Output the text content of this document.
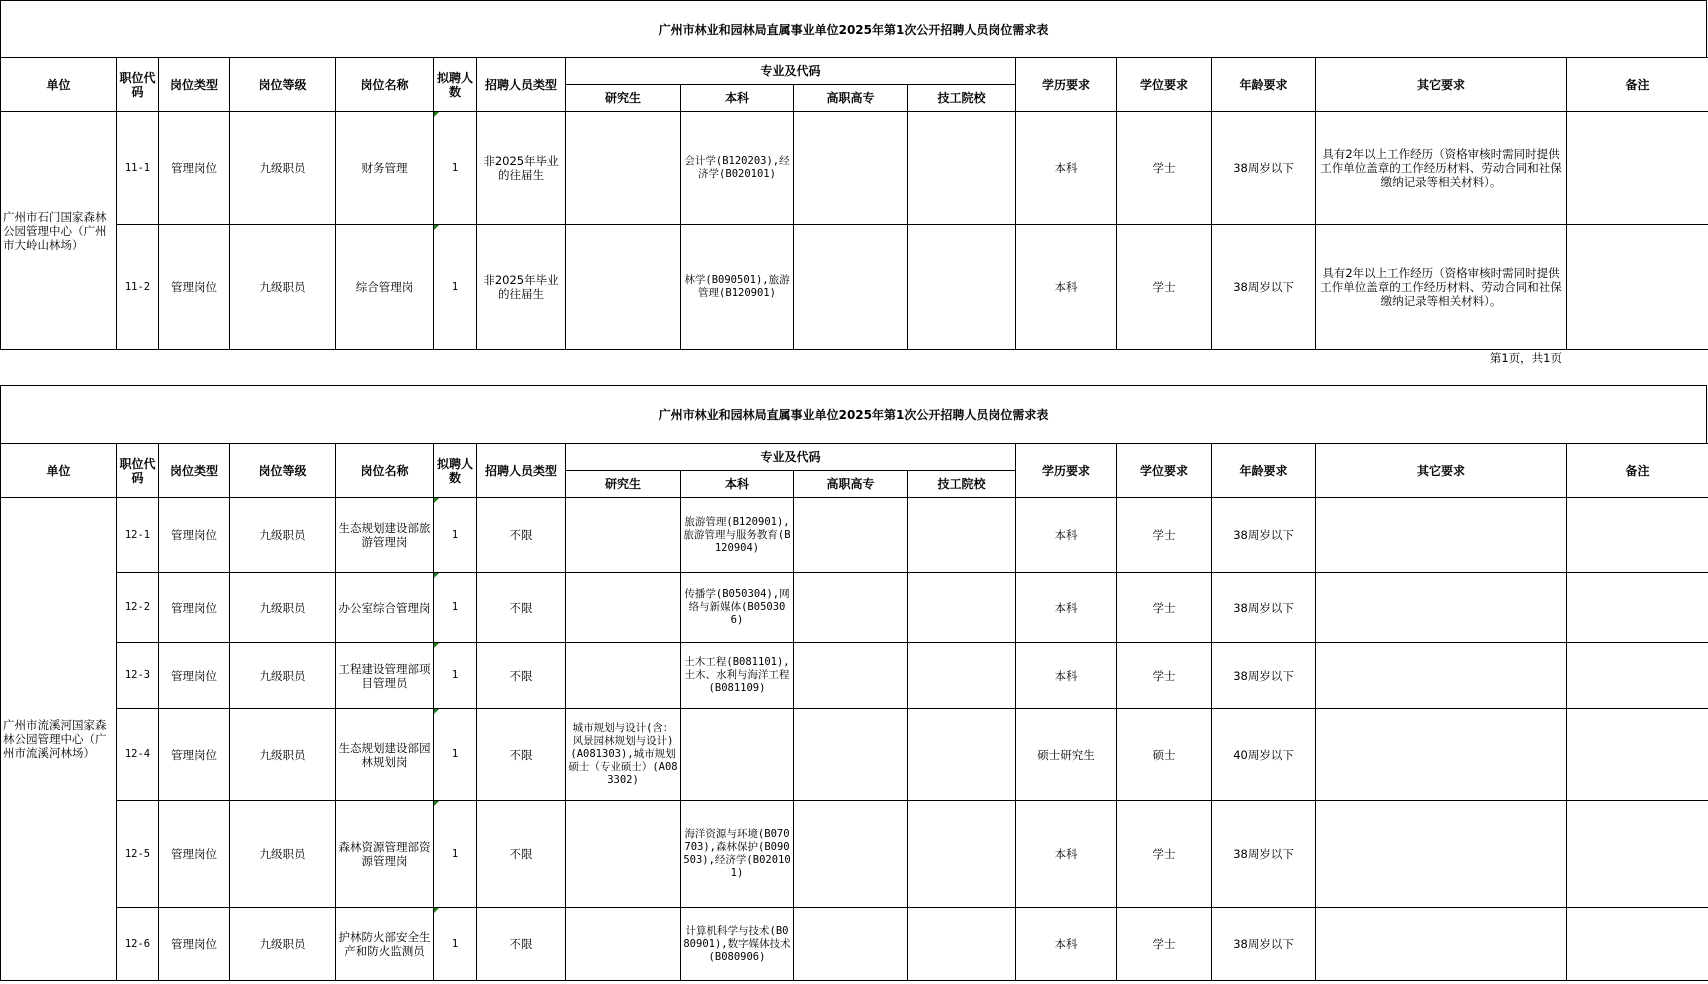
广州市林业和园林局直属事业单位2025年第1次公开招聘人员岗位需求表
单位	职位代码	岗位类型	岗位等级	岗位名称	拟聘人数	招聘人员类型	专业及代码				学历要求	学位要求	年龄要求	其它要求	备注
							研究生	本科	高职高专	技工院校					
广州市石门国家森林公园管理中心（广州市大岭山林场）	11-1	管理岗位	九级职员	财务管理	1	非2025年毕业的往届生		会计学(B120203),经济学(B020101)			本科	学士	38周岁以下	具有2年以上工作经历（资格审核时需同时提供工作单位盖章的工作经历材料、劳动合同和社保缴纳记录等相关材料）。	
	11-2	管理岗位	九级职员	综合管理岗	1	非2025年毕业的往届生		林学(B090501),旅游管理(B120901)			本科	学士	38周岁以下	具有2年以上工作经历（资格审核时需同时提供工作单位盖章的工作经历材料、劳动合同和社保缴纳记录等相关材料）。	
第1页，共1页
广州市林业和园林局直属事业单位2025年第1次公开招聘人员岗位需求表
单位	职位代码	岗位类型	岗位等级	岗位名称	拟聘人数	招聘人员类型	专业及代码				学历要求	学位要求	年龄要求	其它要求	备注
							研究生	本科	高职高专	技工院校					
广州市流溪河国家森林公园管理中心（广州市流溪河林场）	12-1	管理岗位	九级职员	生态规划建设部旅游管理岗	1	不限		旅游管理(B120901),旅游管理与服务教育(B120904)			本科	学士	38周岁以下		
	12-2	管理岗位	九级职员	办公室综合管理岗	1	不限		传播学(B050304),网络与新媒体(B050306)			本科	学士	38周岁以下		
	12-3	管理岗位	九级职员	工程建设管理部项目管理员	1	不限		土木工程(B081101),土木、水利与海洋工程(B081109)			本科	学士	38周岁以下		
	12-4	管理岗位	九级职员	生态规划建设部园林规划岗	1	不限	城市规划与设计(含：风景园林规划与设计)(A081303),城市规划硕士（专业硕士）(A083302)				硕士研究生	硕士	40周岁以下		
	12-5	管理岗位	九级职员	森林资源管理部资源管理岗	1	不限		海洋资源与环境(B070703),森林保护(B090503),经济学(B020101)			本科	学士	38周岁以下		
	12-6	管理岗位	九级职员	护林防火部安全生产和防火监测员	1	不限		计算机科学与技术(B080901),数字媒体技术(B080906)			本科	学士	38周岁以下		
